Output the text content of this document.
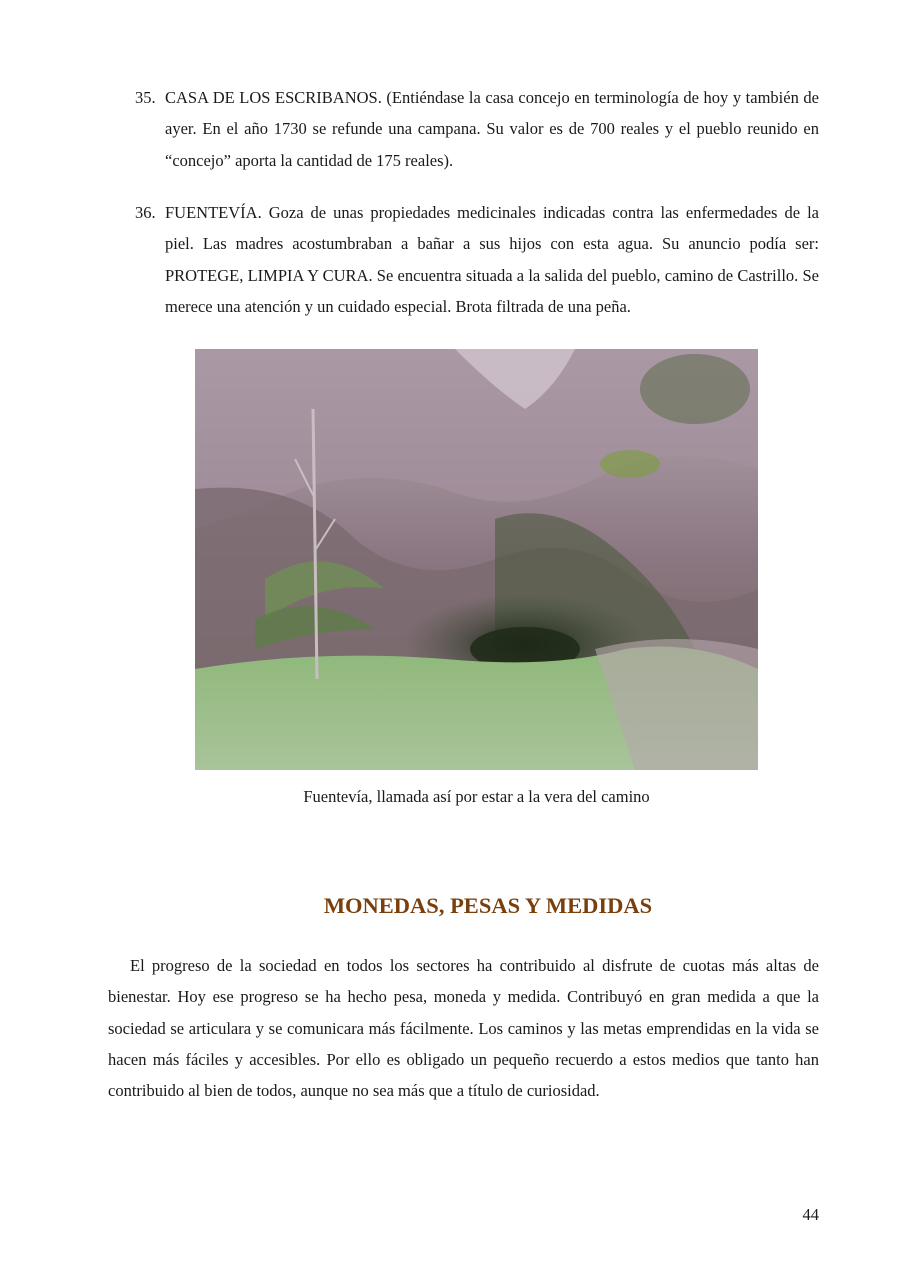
35. CASA DE LOS ESCRIBANOS. (Entiéndase la casa concejo en terminología de hoy y también de ayer. En el año 1730 se refunde una campana. Su valor es de 700 reales y el pueblo reunido en “concejo” aporta la cantidad de 175 reales).
36. FUENTEVÍA. Goza de unas propiedades medicinales indicadas contra las enfermedades de la piel. Las madres acostumbraban a bañar a sus hijos con esta agua. Su anuncio podía ser: PROTEGE, LIMPIA Y CURA. Se encuentra situada a la salida del pueblo, camino de Castrillo. Se merece una atención y un cuidado especial. Brota filtrada de una peña.
Fuentevía, llamada así por estar a la vera del camino
MONEDAS, PESAS Y MEDIDAS
El progreso de la sociedad en todos los sectores ha contribuido al disfrute de cuotas más altas de bienestar. Hoy ese progreso se ha hecho pesa, moneda y medida. Contribuyó en gran medida a que la sociedad se articulara y se comunicara más fácilmente. Los caminos y las metas emprendidas en la vida se hacen más fáciles y accesibles. Por ello es obligado un pequeño recuerdo a estos medios que tanto han contribuido al bien de todos, aunque no sea más que a título de curiosidad.
44
